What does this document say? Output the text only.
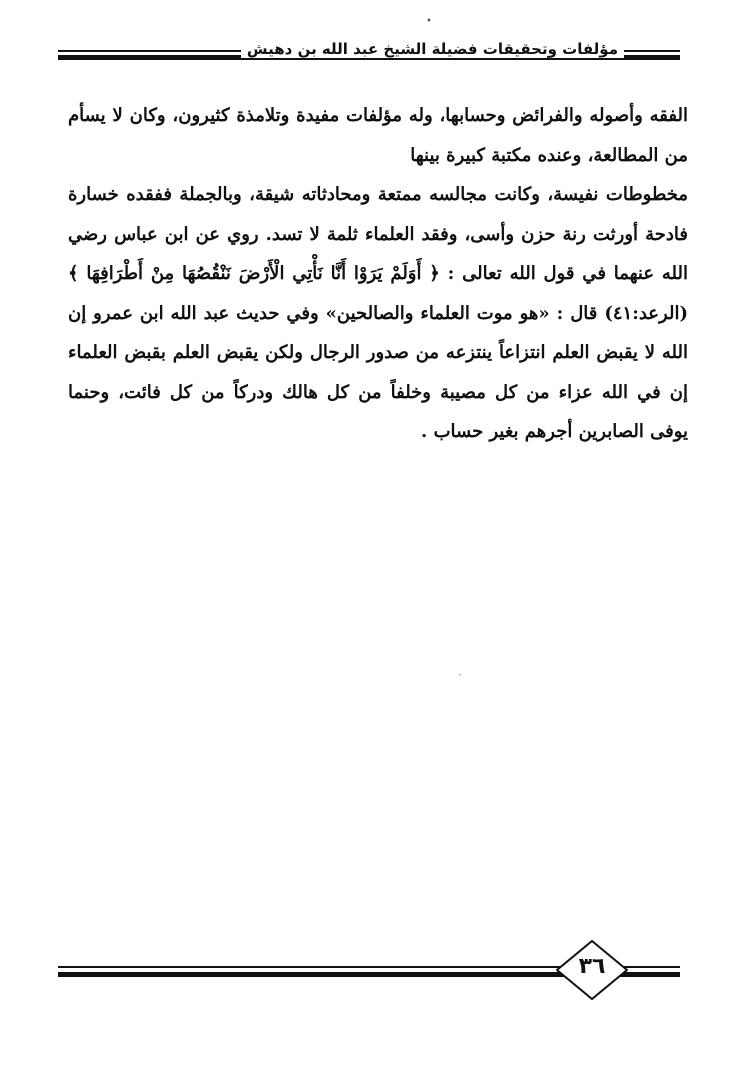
•
مؤلفات وتحقيقات فضيلة الشيخ عبد الله بن دهيش

الفقه وأصوله والفرائض وحسابها، وله مؤلفات مفيدة وتلامذة كثيرون، وكان لا يسأم من المطالعة، وعنده مكتبة كبيرة بينها

مخطوطات نفيسة، وكانت مجالسه ممتعة ومحادثاته شيقة، وبالجملة ففقده خسارة فادحة أورثت رنة حزن وأسى، وفقد العلماء ثلمة لا تسد. روي عن ابن عباس رضي الله عنهما في قول الله تعالى : ﴿ أَوَلَمْ يَرَوْا أَنَّا نَأْتِي الْأَرْضَ نَنْقُصُهَا مِنْ أَطْرَافِهَا ﴾ (الرعد:٤١) قال : «هو موت العلماء والصالحين» وفي حديث عبد الله ابن عمرو إن الله لا يقبض العلم انتزاعاً ينتزعه من صدور الرجال ولكن يقبض العلم بقبض العلماء إن في الله عزاء من كل مصيبة وخلفاً من كل هالك ودركاً من كل فائت، وحنما يوفى الصابرين أجرهم بغير حساب .

·
٣٦
